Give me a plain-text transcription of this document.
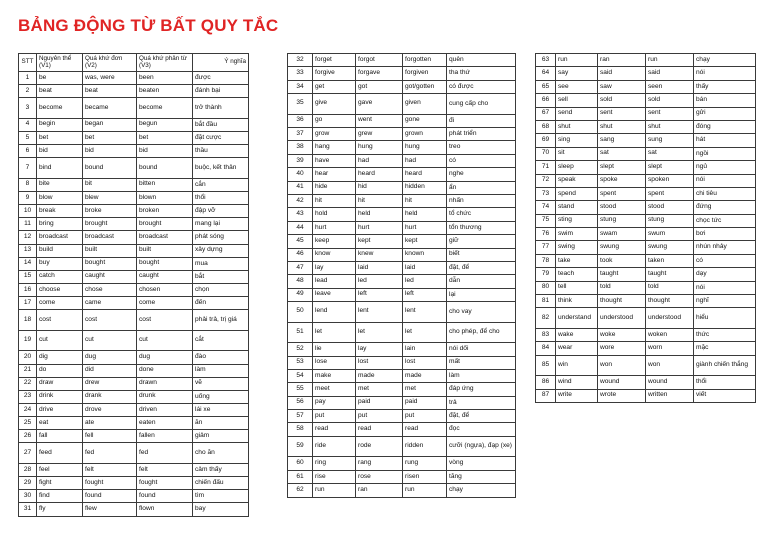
BẢNG ĐỘNG TỪ BẤT QUY TẮC
STT	Nguyên thể (V1)	Quá khứ đơn (V2)	Quá khứ phân từ (V3)	Ý nghĩa
1	be	was, were	been	được
2	beat	beat	beaten	đánh bại
3	become	became	become	trở thành
4	begin	began	begun	bắt đầu
5	bet	bet	bet	đặt cược
6	bid	bid	bid	thầu
7	bind	bound	bound	buộc, kết thân
8	bite	bit	bitten	cắn
9	blow	blew	blown	thổi
10	break	broke	broken	đập vỡ
11	bring	brought	brought	mang lại
12	broadcast	broadcast	broadcast	phát sóng
13	build	built	built	xây dựng
14	buy	bought	bought	mua
15	catch	caught	caught	bắt
16	choose	chose	chosen	chọn
17	come	came	come	đến
18	cost	cost	cost	phải trả, trị giá
19	cut	cut	cut	cắt
20	dig	dug	dug	đào
21	do	did	done	làm
22	draw	drew	drawn	vẽ
23	drink	drank	drunk	uống
24	drive	drove	driven	lái xe
25	eat	ate	eaten	ăn
26	fall	fell	fallen	giảm
27	feed	fed	fed	cho ăn
28	feel	felt	felt	cảm thấy
29	fight	fought	fought	chiến đấu
30	find	found	found	tìm
31	fly	flew	flown	bay
32	forget	forgot	forgotten	quên
33	forgive	forgave	forgiven	tha thứ
34	get	got	got/gotten	có được
35	give	gave	given	cung cấp cho
36	go	went	gone	đi
37	grow	grew	grown	phát triển
38	hang	hung	hung	treo
39	have	had	had	có
40	hear	heard	heard	nghe
41	hide	hid	hidden	ẩn
42	hit	hit	hit	nhấn
43	hold	held	held	tổ chức
44	hurt	hurt	hurt	tổn thương
45	keep	kept	kept	giữ
46	know	knew	known	biết
47	lay	laid	laid	đặt, để
48	lead	led	led	dẫn
49	leave	left	left	lại
50	lend	lent	lent	cho vay
51	let	let	let	cho phép, để cho
52	lie	lay	lain	nói dối
53	lose	lost	lost	mất
54	make	made	made	làm
55	meet	met	met	đáp ứng
56	pay	paid	paid	trả
57	put	put	put	đặt, để
58	read	read	read	đọc
59	ride	rode	ridden	cưỡi (ngựa), đạp (xe)
60	ring	rang	rung	vòng
61	rise	rose	risen	tăng
62	run	ran	run	chạy
63	run	ran	run	chạy
64	say	said	said	nói
65	see	saw	seen	thấy
66	sell	sold	sold	bán
67	send	sent	sent	gửi
68	shut	shut	shut	đóng
69	sing	sang	sung	hát
70	sit	sat	sat	ngồi
71	sleep	slept	slept	ngủ
72	speak	spoke	spoken	nói
73	spend	spent	spent	chi tiêu
74	stand	stood	stood	đứng
75	sting	stung	stung	chọc tức
76	swim	swam	swum	bơi
77	swing	swung	swung	nhún nhảy
78	take	took	taken	có
79	teach	taught	taught	dạy
80	tell	told	told	nói
81	think	thought	thought	nghĩ
82	understand	understood	understood	hiểu
83	wake	woke	woken	thức
84	wear	wore	worn	mặc
85	win	won	won	giành chiến thắng
86	wind	wound	wound	thổi
87	write	wrote	written	viết
